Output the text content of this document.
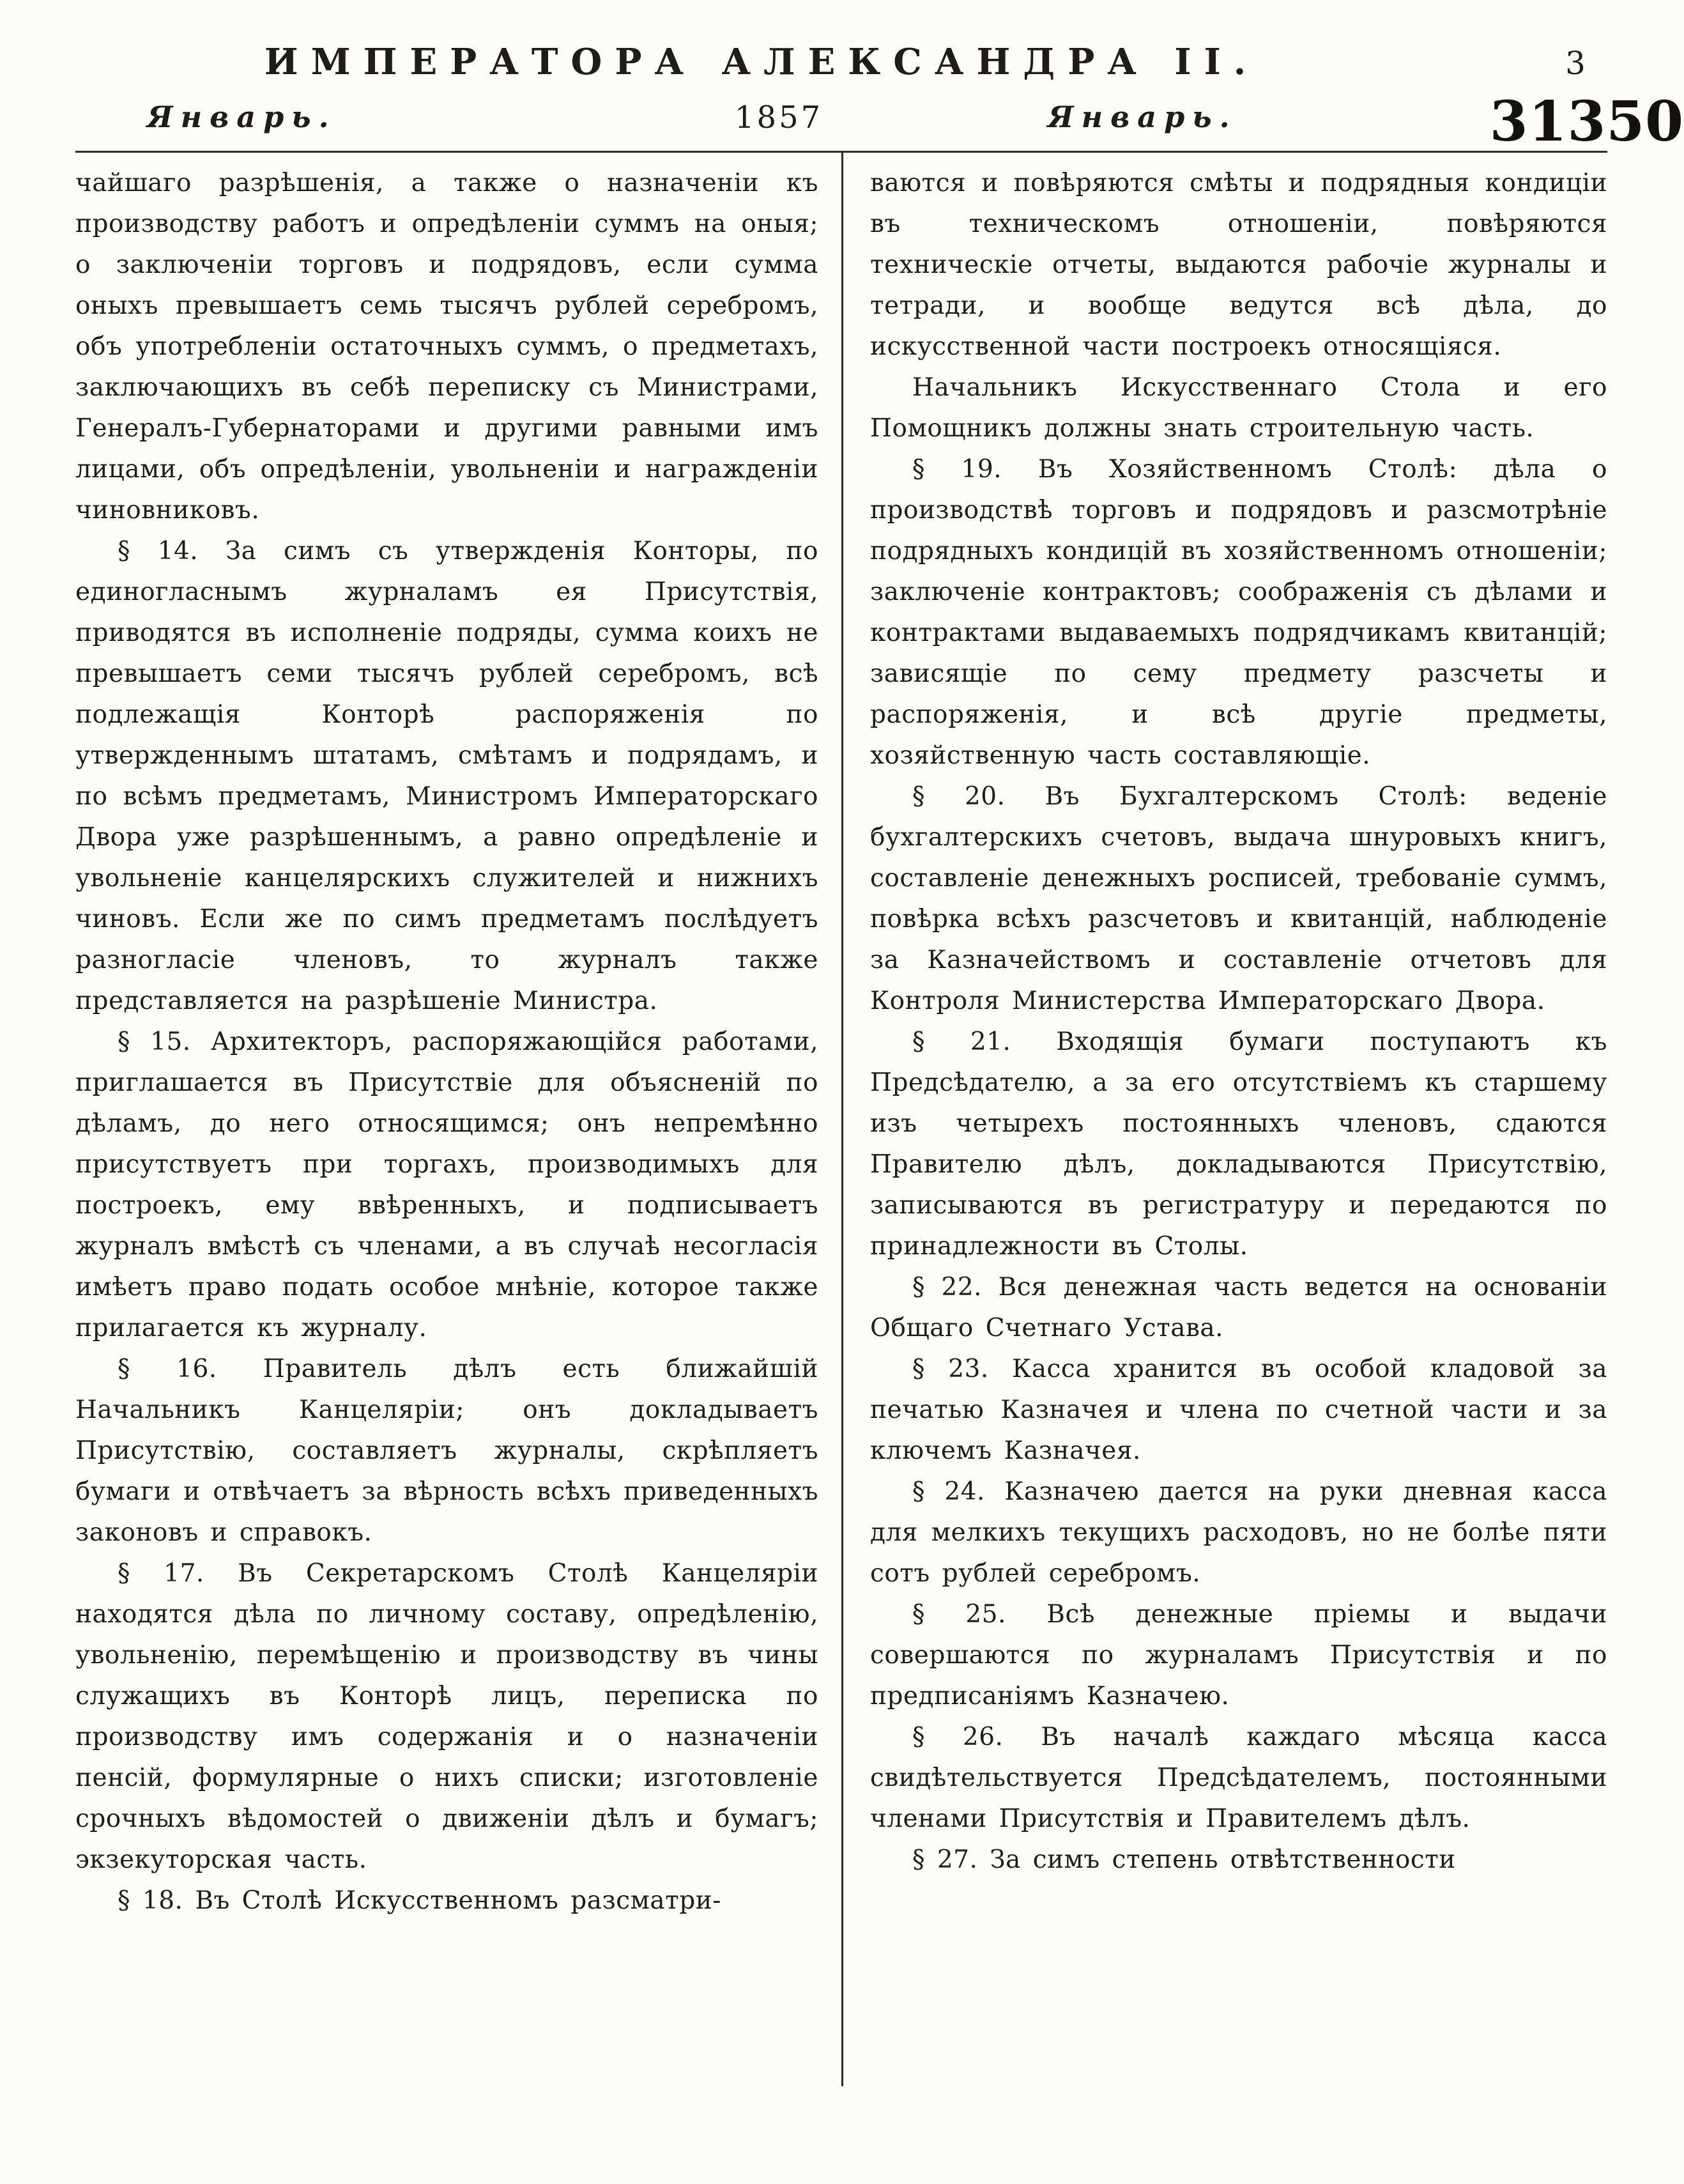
ИМПЕРАТОРА АЛЕКСАНДРА II.	3
Январь.	1857	Январь.

чайшаго разрѣшенія, а также о назначеніи къ производству работъ и опредѣленіи суммъ на оныя; о заключеніи торговъ и подрядовъ, если сумма оныхъ превышаетъ семь тысячъ рублей серебромъ, объ употребленіи остаточныхъ суммъ, о предметахъ, заключающихъ въ себѣ переписку съ Министрами, Генералъ-Губернаторами и другими равными имъ лицами, объ опредѣленіи, увольненіи и награжденіи чиновниковъ.

§ 14. За симъ съ утвержденія Конторы, по единогласнымъ журналамъ ея Присутствія, приводятся въ исполненіе подряды, сумма коихъ не превышаетъ семи тысячъ рублей серебромъ, всѣ подлежащія Конторѣ распоряженія по утвержденнымъ штатамъ, смѣтамъ и подрядамъ, и по всѣмъ предметамъ, Министромъ Императорскаго Двора уже разрѣшеннымъ, а равно опредѣленіе и увольненіе канцелярскихъ служителей и нижнихъ чиновъ. Если же по симъ предметамъ послѣдуетъ разногласіе членовъ, то журналъ также представляется на разрѣшеніе Министра.

§ 15. Архитекторъ, распоряжающійся работами, приглашается въ Присутствіе для объясненій по дѣламъ, до него относящимся; онъ непремѣнно присутствуетъ при торгахъ, производимыхъ для построекъ, ему ввѣренныхъ, и подписываетъ журналъ вмѣстѣ съ членами, а въ случаѣ несогласія имѣетъ право подать особое мнѣніе, которое также прилагается къ журналу.

§ 16. Правитель дѣлъ есть ближайшій Начальникъ Канцеляріи; онъ докладываетъ Присутствію, составляетъ журналы, скрѣпляетъ бумаги и отвѣчаетъ за вѣрность всѣхъ приведенныхъ законовъ и справокъ.

§ 17. Въ Секретарскомъ Столѣ Канцеляріи находятся дѣла по личному составу, опредѣленію, увольненію, перемѣщенію и производству въ чины служащихъ въ Конторѣ лицъ, переписка по производству имъ содержанія и о назначеніи пенсій, формулярные о нихъ списки; изготовленіе срочныхъ вѣдомостей о движеніи дѣлъ и бумагъ; экзекуторская часть.

§ 18. Въ Столѣ Искусственномъ разсматри-

ваются и повѣряются смѣты и подрядныя кондиціи въ техническомъ отношеніи, повѣряются техническіе отчеты, выдаются рабочіе журналы и тетради, и вообще ведутся всѣ дѣла, до искусственной части построекъ относящіяся.

Начальникъ Искусственнаго Стола и его Помощникъ должны знать строительную часть.

§ 19. Въ Хозяйственномъ Столѣ: дѣла о производствѣ торговъ и подрядовъ и разсмотрѣніе подрядныхъ кондицій въ хозяйственномъ отношеніи; заключеніе контрактовъ; соображенія съ дѣлами и контрактами выдаваемыхъ подрядчикамъ квитанцій; зависящіе по сему предмету разсчеты и распоряженія, и всѣ другіе предметы, хозяйственную часть составляющіе.

§ 20. Въ Бухгалтерскомъ Столѣ: веденіе бухгалтерскихъ счетовъ, выдача шнуровыхъ книгъ, составленіе денежныхъ росписей, требованіе суммъ, повѣрка всѣхъ разсчетовъ и квитанцій, наблюденіе за Казначействомъ и составленіе отчетовъ для Контроля Министерства Императорскаго Двора.

§ 21. Входящія бумаги поступаютъ къ Предсѣдателю, а за его отсутствіемъ къ старшему изъ четырехъ постоянныхъ членовъ, сдаются Правителю дѣлъ, докладываются Присутствію, записываются въ регистратуру и передаются по принадлежности въ Столы.

§ 22. Вся денежная часть ведется на основаніи Общаго Счетнаго Устава.

§ 23. Касса хранится въ особой кладовой за печатью Казначея и члена по счетной части и за ключемъ Казначея.

§ 24. Казначею дается на руки дневная касса для мелкихъ текущихъ расходовъ, но не болѣе пяти сотъ рублей серебромъ.

§ 25. Всѣ денежные пріемы и выдачи совершаются по журналамъ Присутствія и по предписаніямъ Казначею.

§ 26. Въ началѣ каждаго мѣсяца касса свидѣтельствуется Предсѣдателемъ, постоянными членами Присутствія и Правителемъ дѣлъ.

§ 27. За симъ степень отвѣтственности

31350
